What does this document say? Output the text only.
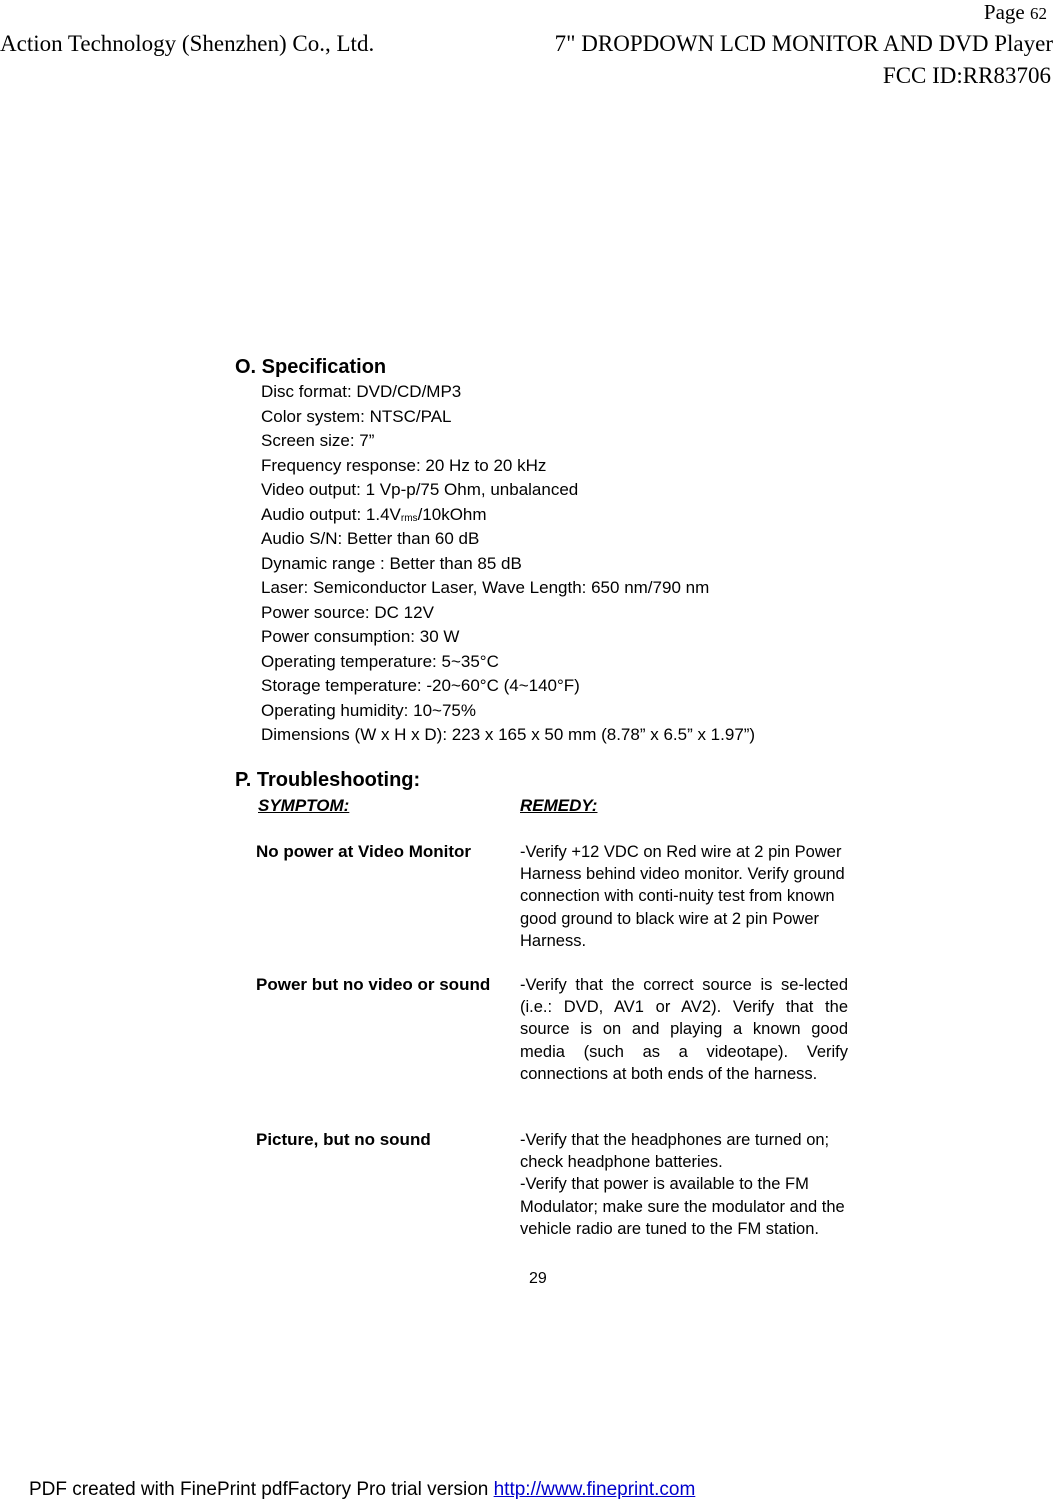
Page 62
Action Technology (Shenzhen) Co., Ltd.	7" DROPDOWN LCD MONITOR AND DVD Player
FCC ID:RR83706
O. Specification
Disc format: DVD/CD/MP3
Color system: NTSC/PAL
Screen size: 7”
Frequency response: 20 Hz to 20 kHz
Video output: 1 Vp-p/75 Ohm, unbalanced
Audio output: $1.4V_{rms}/10kOhm$
Audio S/N: Better than 60 dB
Dynamic range : Better than 85 dB
Laser: Semiconductor Laser, Wave Length: 650 nm/790 nm
Power source: DC 12V
Power consumption: 30 W
Operating temperature: 5~35°C
Storage temperature: -20~60°C (4~140°F)
Operating humidity: 10~75%
Dimensions (W x H x D): 223 x 165 x 50 mm (8.78” x 6.5” x 1.97”)
P. Troubleshooting:
SYMPTOM:	REMEDY:
No power at Video Monitor	-Verify +12 VDC on Red wire at 2 pin Power Harness behind video monitor. Verify ground connection with conti-nuity test from known good ground to black wire at 2 pin Power Harness.

Power but no video or sound	-Verify that the correct source is se-lected (i.e.: DVD, AV1 or AV2). Verify that the source is on and playing a known good media (such as a videotape). Verify connections at both ends of the harness.

Picture, but no sound	-Verify that the headphones are turned on; check headphone batteries.

-Verify that power is available to the FM Modulator; make sure the modulator and the vehicle radio are tuned to the FM station.

29
PDF created with FinePrint pdfFactory Pro trial version http://www.fineprint.com
